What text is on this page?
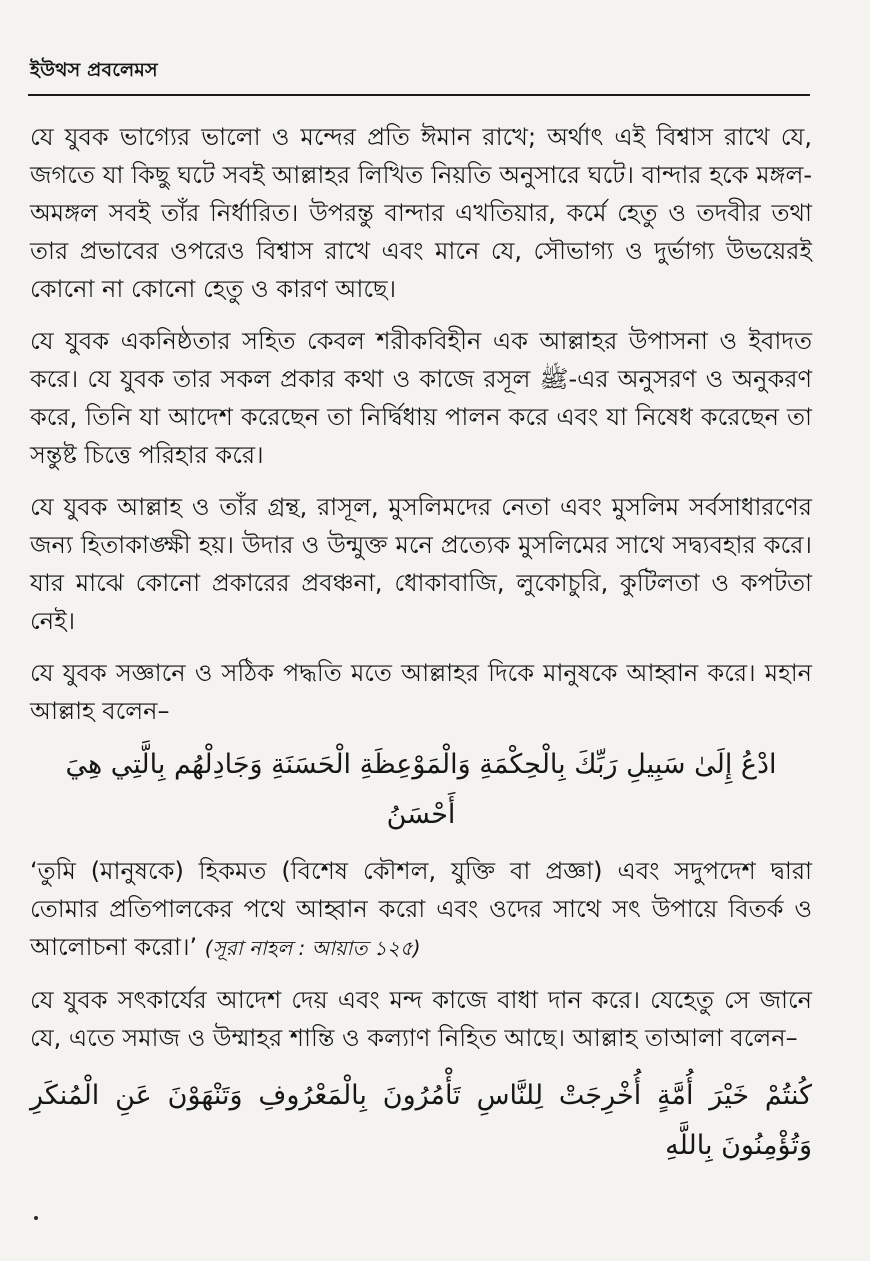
ইউথস প্রবলেমস

যে যুবক ভাগ্যের ভালো ও মন্দের প্রতি ঈমান রাখে; অর্থাৎ এই বিশ্বাস রাখে যে, জগতে যা কিছু ঘটে সবই আল্লাহর লিখিত নিয়তি অনুসারে ঘটে। বান্দার হকে মঙ্গল-অমঙ্গল সবই তাঁর নির্ধারিত। উপরন্তু বান্দার এখতিয়ার, কর্মে হেতু ও তদবীর তথা তার প্রভাবের ওপরেও বিশ্বাস রাখে এবং মানে যে, সৌভাগ্য ও দুর্ভাগ্য উভয়েরই কোনো না কোনো হেতু ও কারণ আছে।

যে যুবক একনিষ্ঠতার সহিত কেবল শরীকবিহীন এক আল্লাহর উপাসনা ও ইবাদত করে। যে যুবক তার সকল প্রকার কথা ও কাজে রসূল ﷺ-এর অনুসরণ ও অনুকরণ করে, তিনি যা আদেশ করেছেন তা নির্দ্বিধায় পালন করে এবং যা নিষেধ করেছেন তা সন্তুষ্ট চিত্তে পরিহার করে।

যে যুবক আল্লাহ ও তাঁর গ্রন্থ, রাসূল, মুসলিমদের নেতা এবং মুসলিম সর্বসাধারণের জন্য হিতাকাঙ্ক্ষী হয়। উদার ও উন্মুক্ত মনে প্রত্যেক মুসলিমের সাথে সদ্ব্যবহার করে। যার মাঝে কোনো প্রকারের প্রবঞ্চনা, ধোকাবাজি, লুকোচুরি, কুটিলতা ও কপটতা নেই।

যে যুবক সজ্ঞানে ও সঠিক পদ্ধতি মতে আল্লাহর দিকে মানুষকে আহ্বান করে। মহান আল্লাহ বলেন–

ادْعُ إِلَىٰ سَبِيلِ رَبِّكَ بِالْحِكْمَةِ وَالْمَوْعِظَةِ الْحَسَنَةِ وَجَادِلْهُم بِالَّتِي هِيَ أَحْسَنُ

‘তুমি (মানুষকে) হিকমত (বিশেষ কৌশল, যুক্তি বা প্রজ্ঞা) এবং সদুপদেশ দ্বারা তোমার প্রতিপালকের পথে আহ্বান করো এবং ওদের সাথে সৎ উপায়ে বিতর্ক ও আলোচনা করো।’ (সূরা নাহল : আয়াত ১২৫)

যে যুবক সৎকার্যের আদেশ দেয় এবং মন্দ কাজে বাধা দান করে। যেহেতু সে জানে যে, এতে সমাজ ও উম্মাহর শান্তি ও কল্যাণ নিহিত আছে। আল্লাহ তাআলা বলেন–

كُنتُمْ خَيْرَ أُمَّةٍ أُخْرِجَتْ لِلنَّاسِ تَأْمُرُونَ بِالْمَعْرُوفِ وَتَنْهَوْنَ عَنِ الْمُنكَرِ وَتُؤْمِنُونَ بِاللَّهِ
